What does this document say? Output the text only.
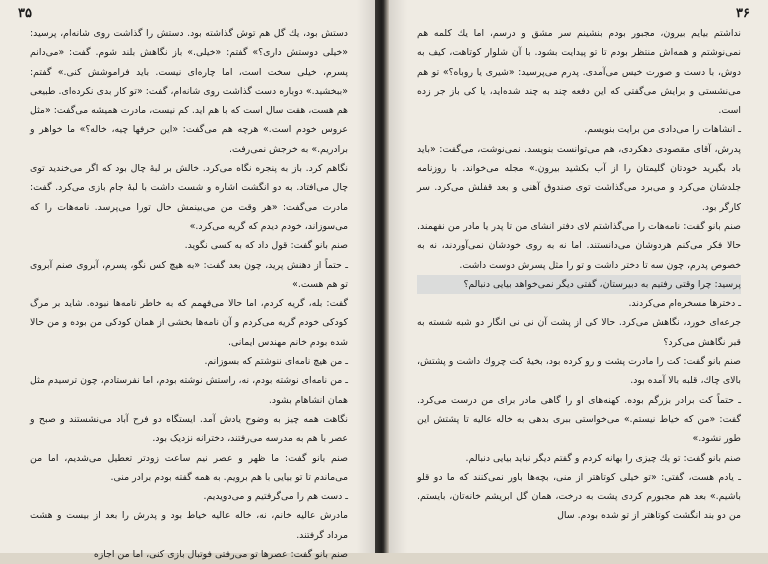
۳۵

دستش بود، یك گل هم توش گذاشته بود. دستش را گذاشت روی شانه‌ام، پرسید: «خیلی دوستش داری؟» گفتم: «خیلی.» باز نگاهش بلند شوم. گفت: «می‌دانم پسرم، خیلی سخت است، اما چاره‌ای نیست. باید فراموشش کنی.» گفتم: «ببخشید.» دوباره دست گذاشت روی شانه‌ام، گفت: «تو کار بدی نکرده‌ای. طبیعی هم هست، هفت سال است که با هم اید. کم نیست، مادرت همیشه می‌گفت: «مثل عروس خودم است.» هرچه هم می‌گفت: «این حرفها چیه، خاله؟» ما خواهر و برادریم.» به خرجش نمی‌رفت.

نگاهم کرد. باز به پنجره نگاه می‌کرد. خالش بر لبهٔ چال بود که اگر می‌خندید توی چال می‌افتاد. به دو انگشت اشاره و شست داشت با لبهٔ جام بازی می‌کرد. گفت: مادرت می‌گفت: «هر وقت من می‌بینمش حال تورا می‌پرسد. نامه‌هات را که می‌سوزاند، خودم دیدم که گریه می‌کرد.»

صنم بانو گفت: قول داد که به کسی نگوید.

ـ حتماً از دهنش پرید، چون بعد گفت: «به هیچ کس نگو، پسرم، آبروی صنم آبروی تو هم هست.»

گفت: بله، گریه کردم، اما حالا می‌فهمم که به خاطر نامه‌ها نبوده. شاید بر مرگ کودکی خودم گریه می‌کردم و آن نامه‌ها بخشی از همان کودکی من بوده و من حالا شده بودم خانم مهندس ایمانی.

ـ من هیچ نامه‌ای ننوشتم که بسوزانم.

ـ من نامه‌ای نوشته بودم، نه، راستش نوشته بودم، اما نفرستادم، چون ترسیدم مثل همان انشاهام بشود.

نگاهت همه چیز به وضوح یادش آمد. ایستگاه دو فرح آباد می‌نشستند و صبح و عصر با هم به مدرسه می‌رفتند، دخترانه نزدیک بود.

صنم بانو گفت: ما ظهر و عصر نیم ساعت زودتر تعطیل می‌شدیم، اما من می‌ماندم تا تو بیایی با هم برویم. به همه گفته بودم برادر منی.

ـ دست هم را می‌گرفتیم و می‌دویدیم.

مادرش عالیه خانم، نه، خاله عالیه خیاط بود و پدرش را بعد از بیست و هشت مرداد گرفتند.

صنم بانو گفت: عصرها تو می‌رفتی فوتبال بازی کنی، اما من اجازه

۳۶

نداشتم بیایم بیرون، مجبور بودم بنشینم سر مشق و درسم، اما یك کلمه هم نمی‌نوشتم و همه‌اش منتظر بودم تا تو پیدایت بشود. با آن شلوار کوتاهت، کیف به دوش، با دست و صورت خیس می‌آمدی. پدرم می‌پرسید: «شیری یا روباه؟» تو هم می‌نشستی و برایش می‌گفتی که این دفعه چند به چند شده‌اید، یا کی باز جر زده است.

ـ انشاهات را می‌دادی من برایت بنویسم.

پدرش، آقای مقصودی دهکردی، هم می‌توانست بنویسد. نمی‌نوشت، می‌گفت: «باید باد بگیرید خودتان گلیمتان را از آب بکشید بیرون.» مجله می‌خواند. با روزنامه جلدشان می‌کرد و می‌برد می‌گذاشت توی صندوق آهنی و بعد قفلش می‌کرد. سر کارگر بود.

صنم بانو گفت: نامه‌هات را می‌گذاشتم لای دفتر انشای من تا پدر یا مادر من نفهمند. حالا فکر می‌کنم هردوشان می‌دانستند. اما نه به روی خودشان نمی‌آوردند، نه به خصوص پدرم، چون سه تا دختر داشت و تو را مثل پسرش دوست داشت.

پرسید: چرا وقتی رفتیم به دبیرستان، گفتی دیگر نمی‌خواهد بیایی دنبالم؟

ـ دخترها مسخره‌ام می‌کردند.

جرعه‌ای خورد، نگاهش می‌کرد. حالا کی از پشت آن نی نی انگار دو شبه شسته به قبر نگاهش می‌کرد؟

صنم بانو گفت: کت را مادرت پشت و رو کرده بود، بخیهٔ کت چروك داشت و پشتش، بالای چاك، قلبه بالا آمده بود.

ـ حتماً کت برادر بزرگم بوده. کهنه‌های او را گاهی مادر برای من درست می‌کرد. گفت: «من که خیاط نیستم.» می‌خواستی ببری بدهی به خاله عالیه تا پشتش این طور نشود.»

صنم بانو گفت: تو یك چیزی را بهانه کردم و گفتم دیگر نباید بیایی دنبالم.

ـ یادم هست، گفتی: «تو خیلی کوتاهتر از منی، بچه‌ها باور نمی‌کنند که ما دو قلو باشیم.» بعد هم مجبورم کردی پشت به درخت، همان گل ابریشم خانه‌تان، بایستم. من دو بند انگشت کوتاهتر از تو شده بودم. سال
